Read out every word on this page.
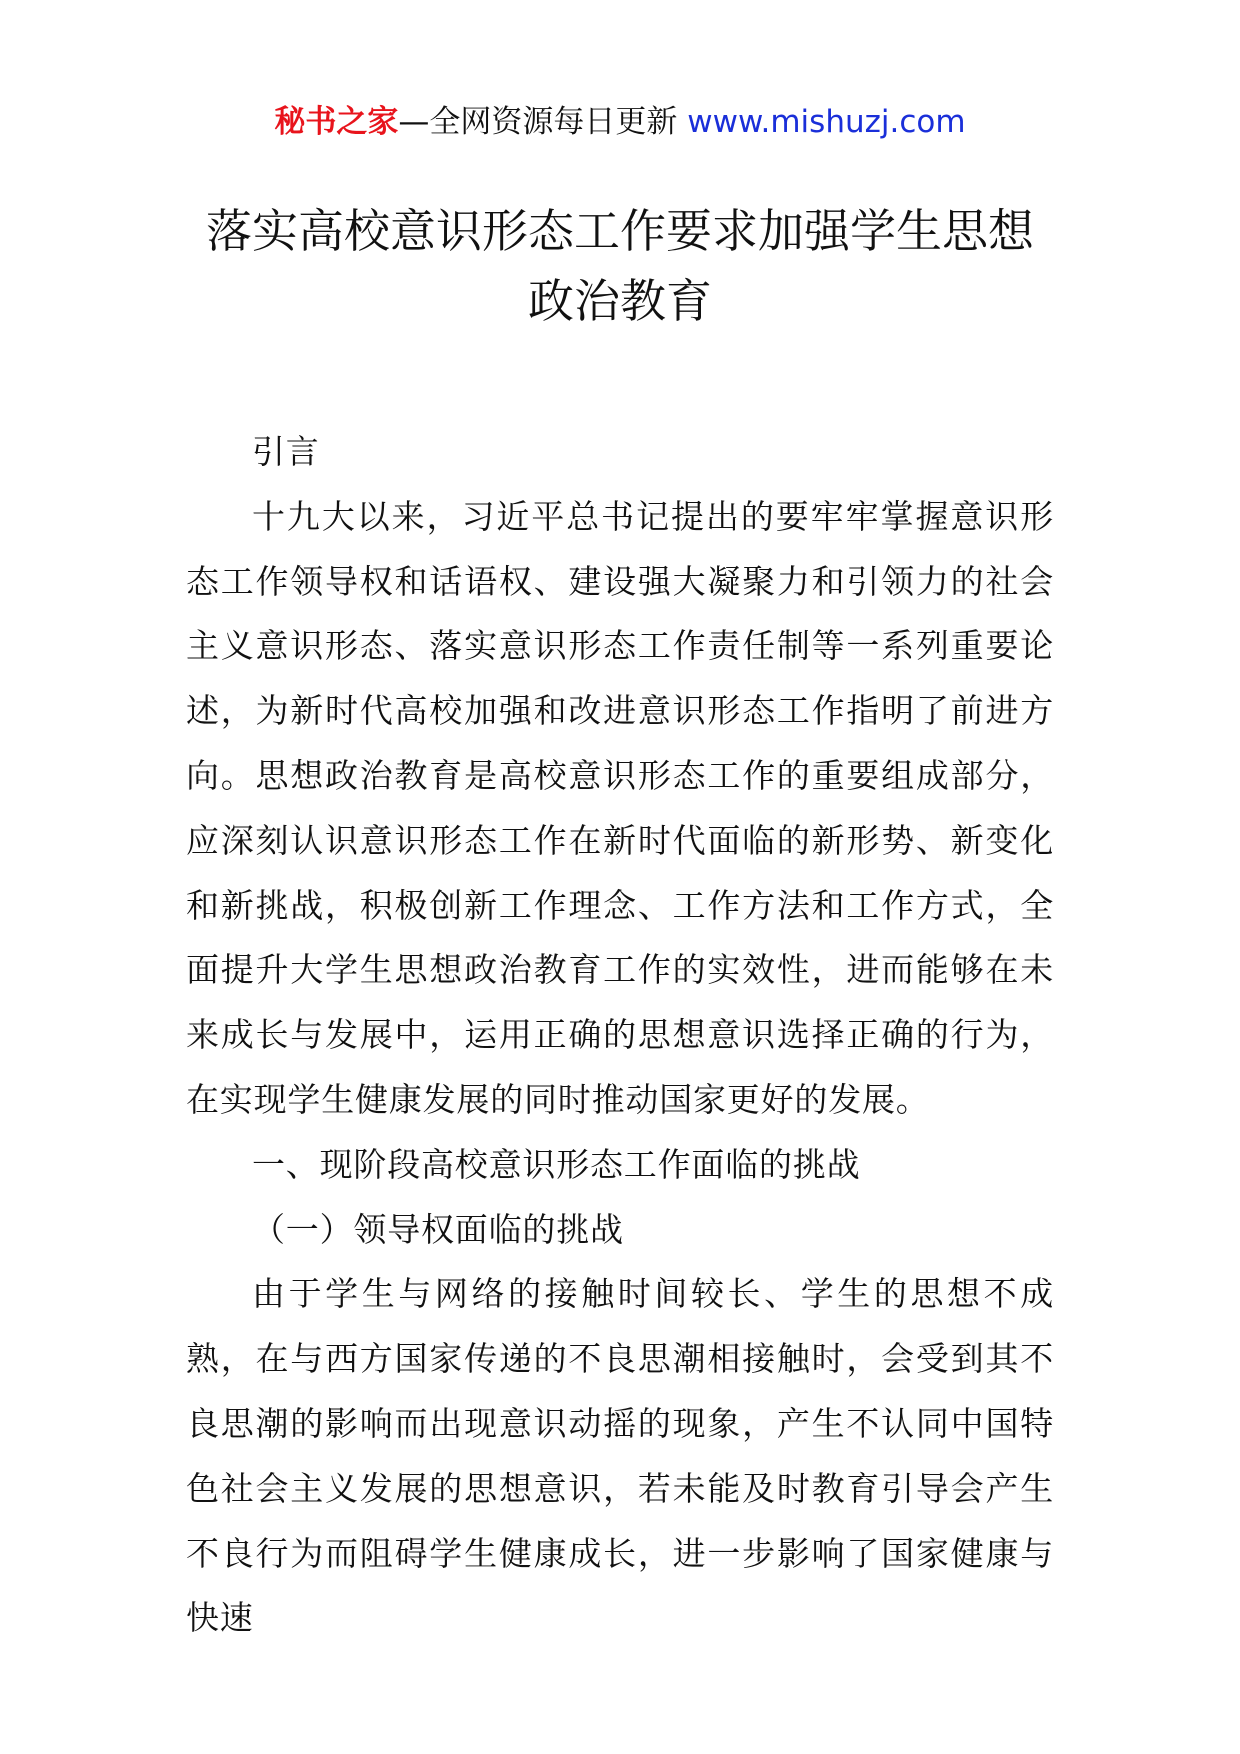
秘书之家—全网资源每日更新 www.mishuzj.com
落实高校意识形态工作要求加强学生思想
政治教育

引言

十九大以来，习近平总书记提出的要牢牢掌握意识形态工作领导权和话语权、建设强大凝聚力和引领力的社会主义意识形态、落实意识形态工作责任制等一系列重要论述，为新时代高校加强和改进意识形态工作指明了前进方向。思想政治教育是高校意识形态工作的重要组成部分，应深刻认识意识形态工作在新时代面临的新形势、新变化和新挑战，积极创新工作理念、工作方法和工作方式，全面提升大学生思想政治教育工作的实效性，进而能够在未来成长与发展中，运用正确的思想意识选择正确的行为，在实现学生健康发展的同时推动国家更好的发展。

一、现阶段高校意识形态工作面临的挑战

（一）领导权面临的挑战

由于学生与网络的接触时间较长、学生的思想不成熟，在与西方国家传递的不良思潮相接触时，会受到其不良思潮的影响而出现意识动摇的现象，产生不认同中国特色社会主义发展的思想意识，若未能及时教育引导会产生不良行为而阻碍学生健康成长，进一步影响了国家健康与快速
